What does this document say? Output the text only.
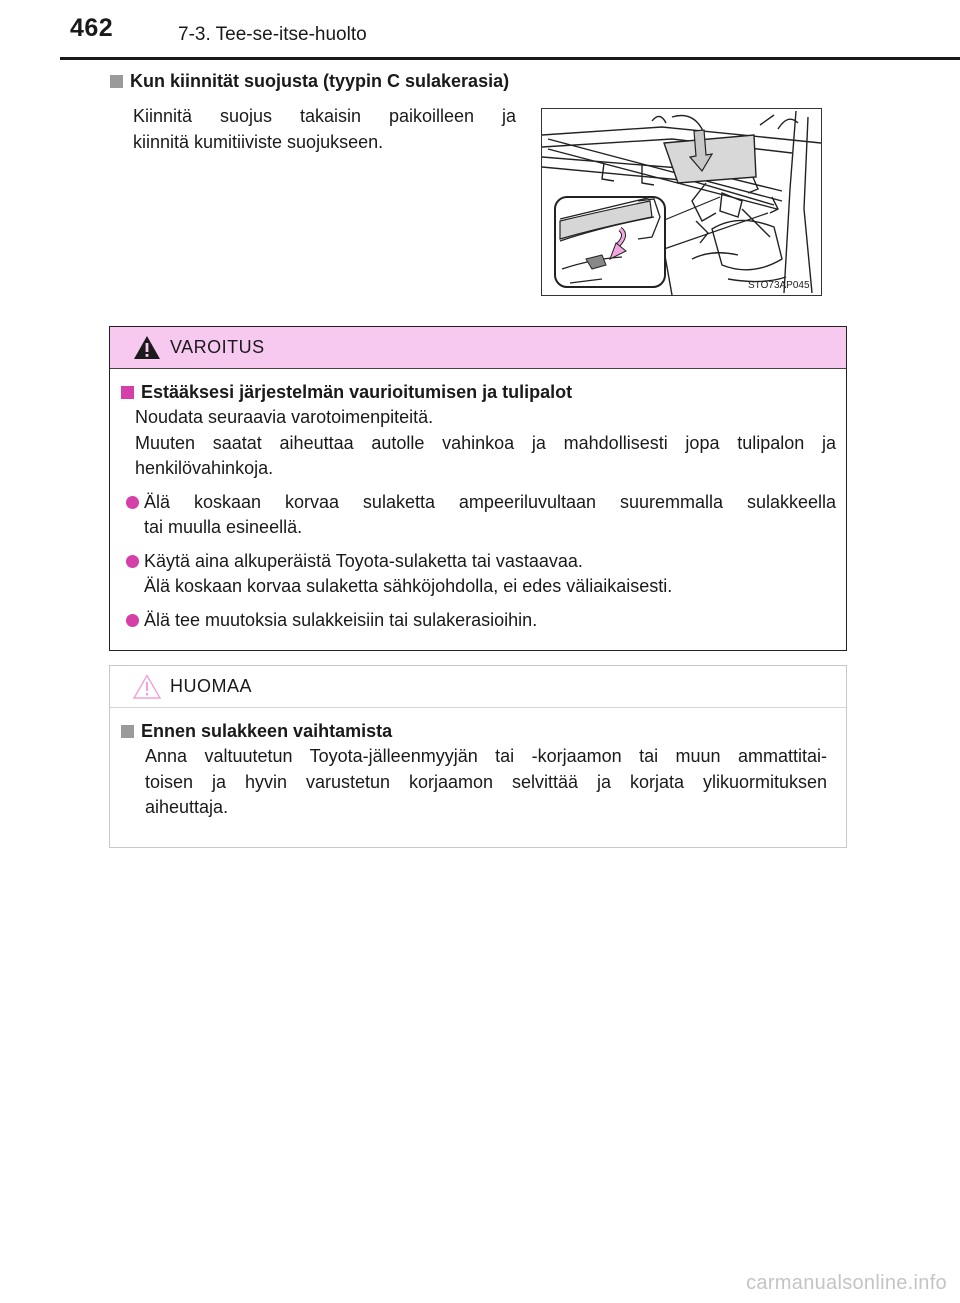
462	7-3. Tee-se-itse-huolto
Kun kiinnität suojusta (tyypin C sulakerasia)
Kiinnitä suojus takaisin paikoilleen ja
kiinnitä kumitiiviste suojukseen.
STO73AP045
VAROITUS
Estääksesi järjestelmän vaurioitumisen ja tulipalot
Noudata seuraavia varotoimenpiteitä.
Muuten saatat aiheuttaa autolle vahinkoa ja mahdollisesti jopa tulipalon ja
henkilövahinkoja.
Älä koskaan korvaa sulaketta ampeeriluvultaan suuremmalla sulakkeella
tai muulla esineellä.
Käytä aina alkuperäistä Toyota-sulaketta tai vastaavaa.
Älä koskaan korvaa sulaketta sähköjohdolla, ei edes väliaikaisesti.
Älä tee muutoksia sulakkeisiin tai sulakerasioihin.
HUOMAA
Ennen sulakkeen vaihtamista
Anna valtuutetun Toyota-jälleenmyyjän tai -korjaamon tai muun ammattitai-
toisen ja hyvin varustetun korjaamon selvittää ja korjata ylikuormituksen
aiheuttaja.
carmanualsonline.info
